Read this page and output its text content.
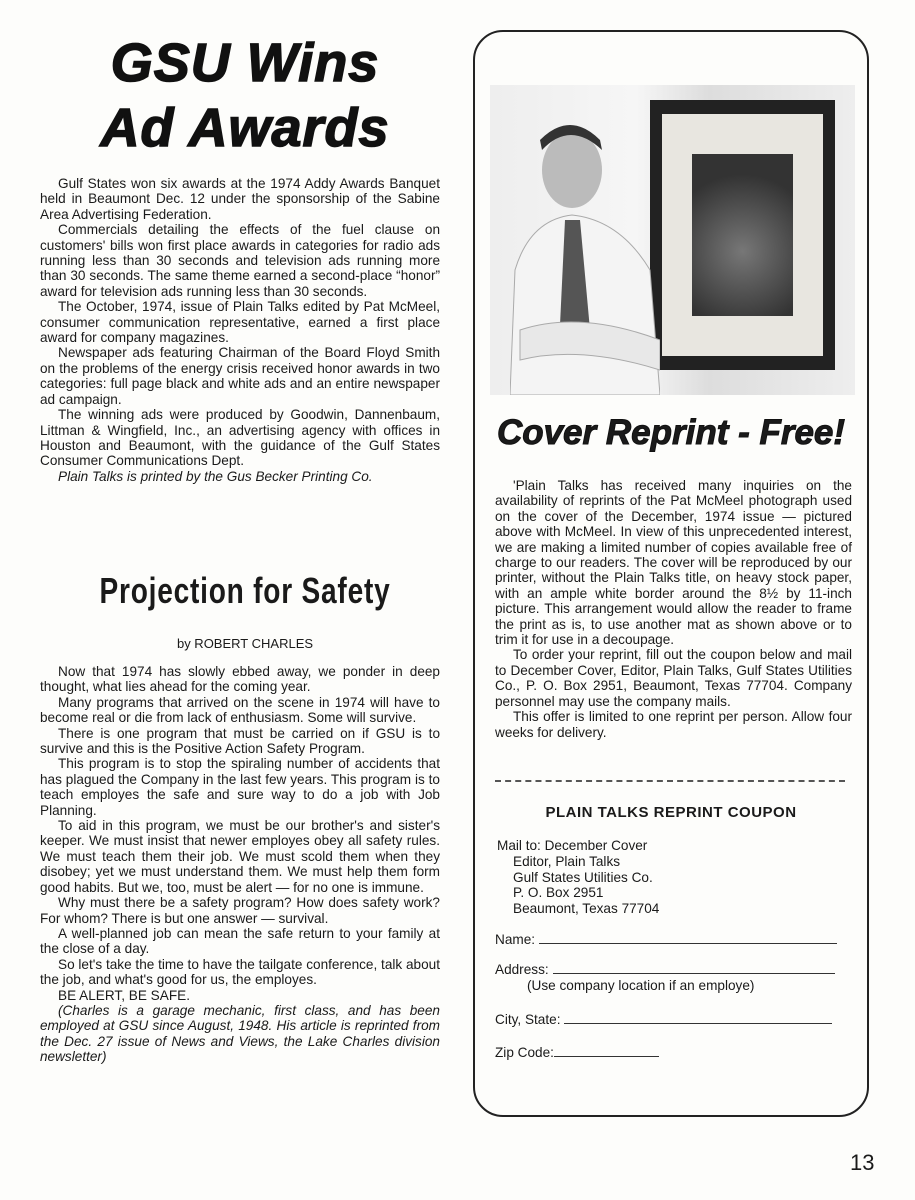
GSU Wins
Ad Awards

Gulf States won six awards at the 1974 Addy Awards Banquet held in Beaumont Dec. 12 under the sponsorship of the Sabine Area Advertising Federation.

Commercials detailing the effects of the fuel clause on customers' bills won first place awards in categories for radio ads running less than 30 seconds and television ads running more than 30 seconds. The same theme earned a second-place “honor” award for television ads running less than 30 seconds.

The October, 1974, issue of Plain Talks edited by Pat McMeel, consumer communication representative, earned a first place award for company magazines.

Newspaper ads featuring Chairman of the Board Floyd Smith on the problems of the energy crisis received honor awards in two categories: full page black and white ads and an entire newspaper ad campaign.

The winning ads were produced by Goodwin, Dannenbaum, Littman & Wingfield, Inc., an advertising agency with offices in Houston and Beaumont, with the guidance of the Gulf States Consumer Communications Dept.

Plain Talks is printed by the Gus Becker Printing Co.

Projection for Safety
by ROBERT CHARLES

Now that 1974 has slowly ebbed away, we ponder in deep thought, what lies ahead for the coming year.

Many programs that arrived on the scene in 1974 will have to become real or die from lack of enthusiasm. Some will survive.

There is one program that must be carried on if GSU is to survive and this is the Positive Action Safety Program.

This program is to stop the spiraling number of accidents that has plagued the Company in the last few years. This program is to teach employes the safe and sure way to do a job with Job Planning.

To aid in this program, we must be our brother's and sister's keeper. We must insist that newer employes obey all safety rules. We must teach them their job. We must scold them when they disobey; yet we must understand them. We must help them form good habits. But we, too, must be alert — for no one is immune.

Why must there be a safety program? How does safety work? For whom? There is but one answer — survival.

A well-planned job can mean the safe return to your family at the close of a day.

So let's take the time to have the tailgate conference, talk about the job, and what's good for us, the employes.

BE ALERT, BE SAFE.

(Charles is a garage mechanic, first class, and has been employed at GSU since August, 1948. His article is reprinted from the Dec. 27 issue of News and Views, the Lake Charles division newsletter)

Cover Reprint - Free!

'Plain Talks has received many inquiries on the availability of reprints of the Pat McMeel photograph used on the cover of the December, 1974 issue — pictured above with McMeel. In view of this unprecedented interest, we are making a limited number of copies available free of charge to our readers. The cover will be reproduced by our printer, without the Plain Talks title, on heavy stock paper, with an ample white border around the 8½ by 11-inch picture. This arrangement would allow the reader to frame the print as is, to use another mat as shown above or to trim it for use in a decoupage.

To order your reprint, fill out the coupon below and mail to December Cover, Editor, Plain Talks, Gulf States Utilities Co., P. O. Box 2951, Beaumont, Texas 77704. Company personnel may use the company mails.

This offer is limited to one reprint per person. Allow four weeks for delivery.

PLAIN TALKS REPRINT COUPON
Mail to: December Cover
Editor, Plain Talks
Gulf States Utilities Co.
P. O. Box 2951
Beaumont, Texas 77704
Name:
Address:
(Use company location if an employe)
City, State:
Zip Code:
13
